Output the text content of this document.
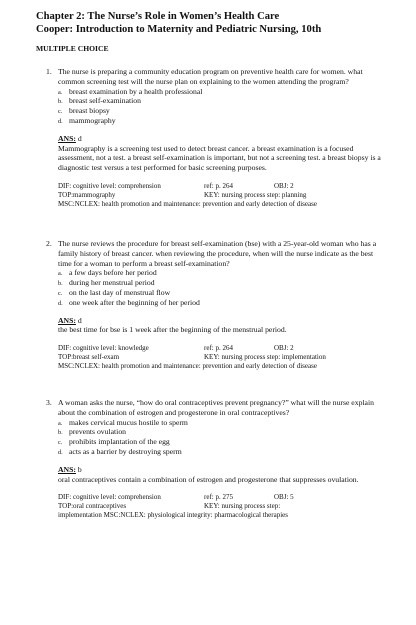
Chapter 2: The Nurse’s Role in Women’s Health Care
Cooper: Introduction to Maternity and Pediatric Nursing, 10th
MULTIPLE CHOICE
1. The nurse is preparing a community education program on preventive health care for women. what common screening test will the nurse plan on explaining to the women attending the program?
a. breast examination by a health professional
b. breast self-examination
c. breast biopsy
d. mammography
ANS: d
Mammography is a screening test used to detect breast cancer. a breast examination is a focused assessment, not a test. a breast self-examination is important, but not a screening test. a breast biopsy is a diagnostic test versus a test performed for basic screening purposes.
DIF: cognitive level: comprehension	ref: p. 264	OBJ: 2
TOP:mammography	KEY: nursing process step: planning
MSC:NCLEX: health promotion and maintenance: prevention and early detection of disease
2. The nurse reviews the procedure for breast self-examination (bse) with a 25-year-old woman who has a family history of breast cancer. when reviewing the procedure, when will the nurse indicate as the best time for a woman to perform a breast self-examination?
a. a few days before her period
b. during her menstrual period
c. on the last day of menstrual flow
d. one week after the beginning of her period
ANS: d
the best time for bse is 1 week after the beginning of the menstrual period.
DIF: cognitive level: knowledge	ref: p. 264	OBJ: 2
TOP:breast self-exam	KEY: nursing process step: implementation
MSC:NCLEX: health promotion and maintenance: prevention and early detection of disease
3. A woman asks the nurse, “how do oral contraceptives prevent pregnancy?” what will the nurse explain about the combination of estrogen and progesterone in oral contraceptives?
a. makes cervical mucus hostile to sperm
b. prevents ovulation
c. prohibits implantation of the egg
d. acts as a barrier by destroying sperm
ANS: b
oral contraceptives contain a combination of estrogen and progesterone that suppresses ovulation.
DIF: cognitive level: comprehension	ref: p. 275	OBJ: 5
TOP:oral contraceptives	KEY: nursing process step:
implementation MSC:NCLEX: physiological integrity: pharmacological therapies
